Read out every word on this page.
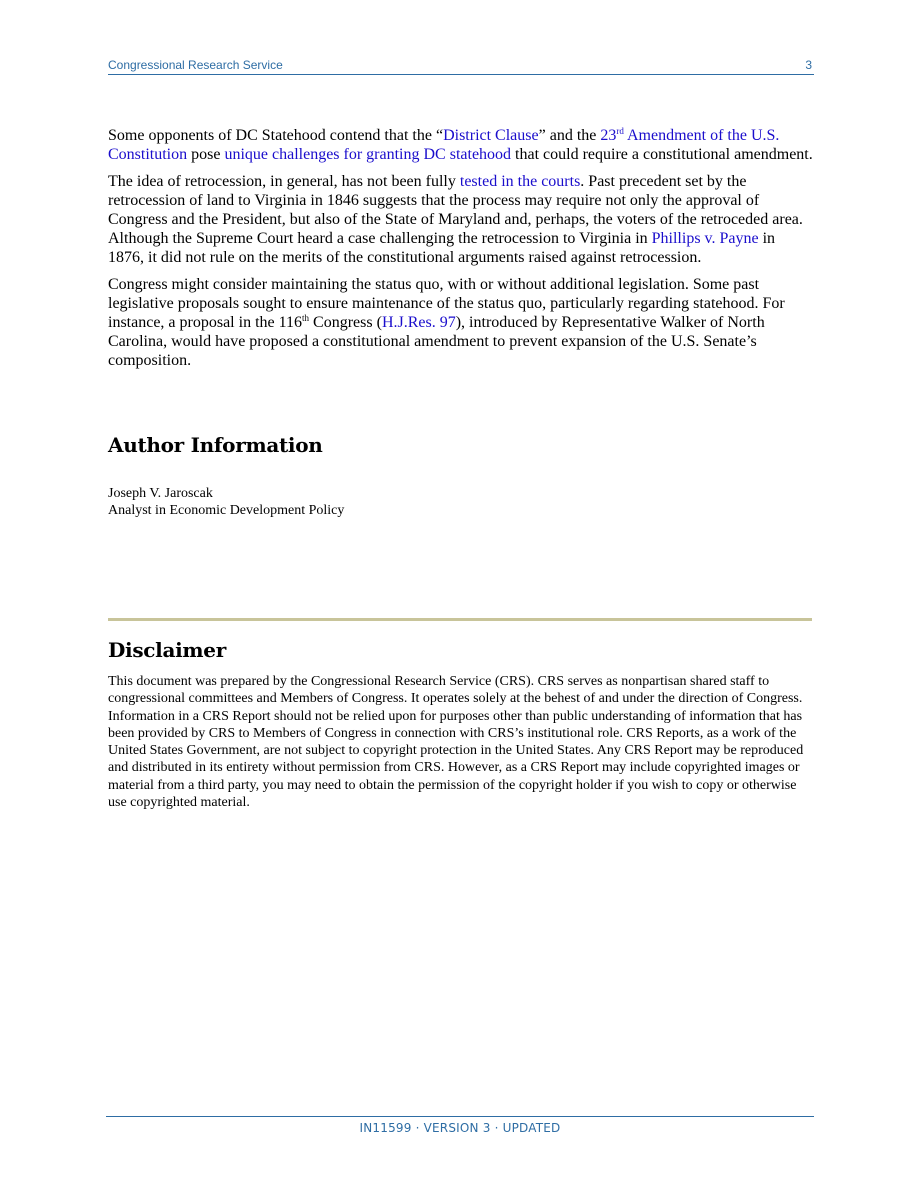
Congressional Research Service	3

Some opponents of DC Statehood contend that the “District Clause” and the 23rd Amendment of the U.S. Constitution pose unique challenges for granting DC statehood that could require a constitutional amendment.

The idea of retrocession, in general, has not been fully tested in the courts. Past precedent set by the retrocession of land to Virginia in 1846 suggests that the process may require not only the approval of Congress and the President, but also of the State of Maryland and, perhaps, the voters of the retroceded area. Although the Supreme Court heard a case challenging the retrocession to Virginia in Phillips v. Payne in 1876, it did not rule on the merits of the constitutional arguments raised against retrocession.

Congress might consider maintaining the status quo, with or without additional legislation. Some past legislative proposals sought to ensure maintenance of the status quo, particularly regarding statehood. For instance, a proposal in the 116th Congress (H.J.Res. 97), introduced by Representative Walker of North Carolina, would have proposed a constitutional amendment to prevent expansion of the U.S. Senate’s composition.

Author Information
Joseph V. Jaroscak
Analyst in Economic Development Policy
Disclaimer
This document was prepared by the Congressional Research Service (CRS). CRS serves as nonpartisan shared staff to congressional committees and Members of Congress. It operates solely at the behest of and under the direction of Congress. Information in a CRS Report should not be relied upon for purposes other than public understanding of information that has been provided by CRS to Members of Congress in connection with CRS’s institutional role. CRS Reports, as a work of the United States Government, are not subject to copyright protection in the United States. Any CRS Report may be reproduced and distributed in its entirety without permission from CRS. However, as a CRS Report may include copyrighted images or material from a third party, you may need to obtain the permission of the copyright holder if you wish to copy or otherwise use copyrighted material.
IN11599 · VERSION 3 · UPDATED
